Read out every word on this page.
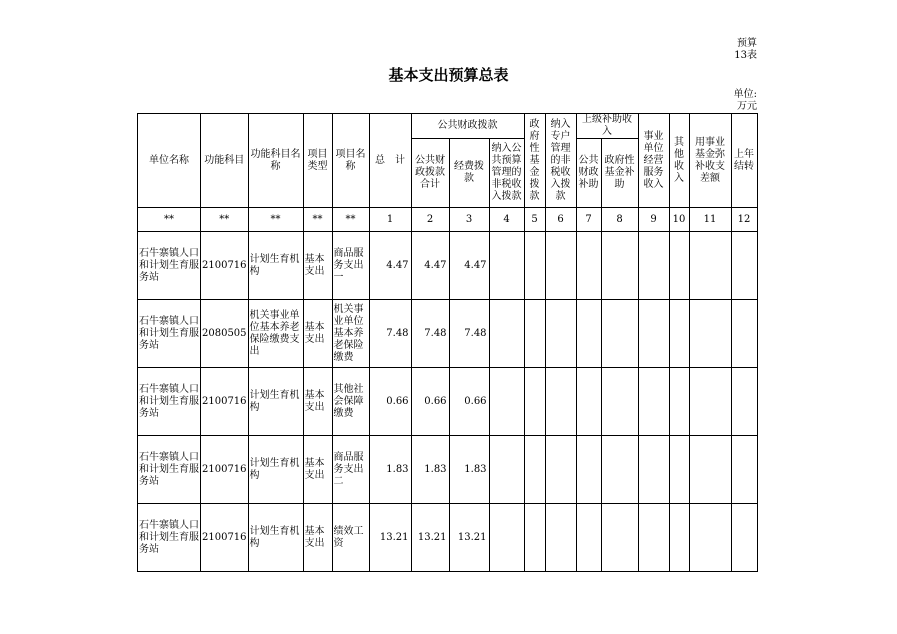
预算
13表
基本支出预算总表
单位:
万元
单位名称	功能科目	功能科目名称	项目类型	项目名称	总　计	公共财政拨款			政府性基金拨款	纳入专户管理的非税收入拨款	上级补助收入		事业单位经营服务收入	其他收入	用事业基金弥补收支差额	上年结转
						公共财政拨款合计	经费拨款	纳入公共预算管理的非税收入拨款			公共财政补助	政府性基金补助				
**	**	**	**	**	1	2	3	4	5	6	7	8	9	10	11	12
石牛寨镇人口和计划生育服务站	2100716	计划生育机构	基本支出	商品服务支出一	4.47	4.47	4.47									
石牛寨镇人口和计划生育服务站	2080505	机关事业单位基本养老保险缴费支出	基本支出	机关事业单位基本养老保险缴费	7.48	7.48	7.48									
石牛寨镇人口和计划生育服务站	2100716	计划生育机构	基本支出	其他社会保障缴费	0.66	0.66	0.66									
石牛寨镇人口和计划生育服务站	2100716	计划生育机构	基本支出	商品服务支出二	1.83	1.83	1.83									
石牛寨镇人口和计划生育服务站	2100716	计划生育机构	基本支出	绩效工资	13.21	13.21	13.21									
